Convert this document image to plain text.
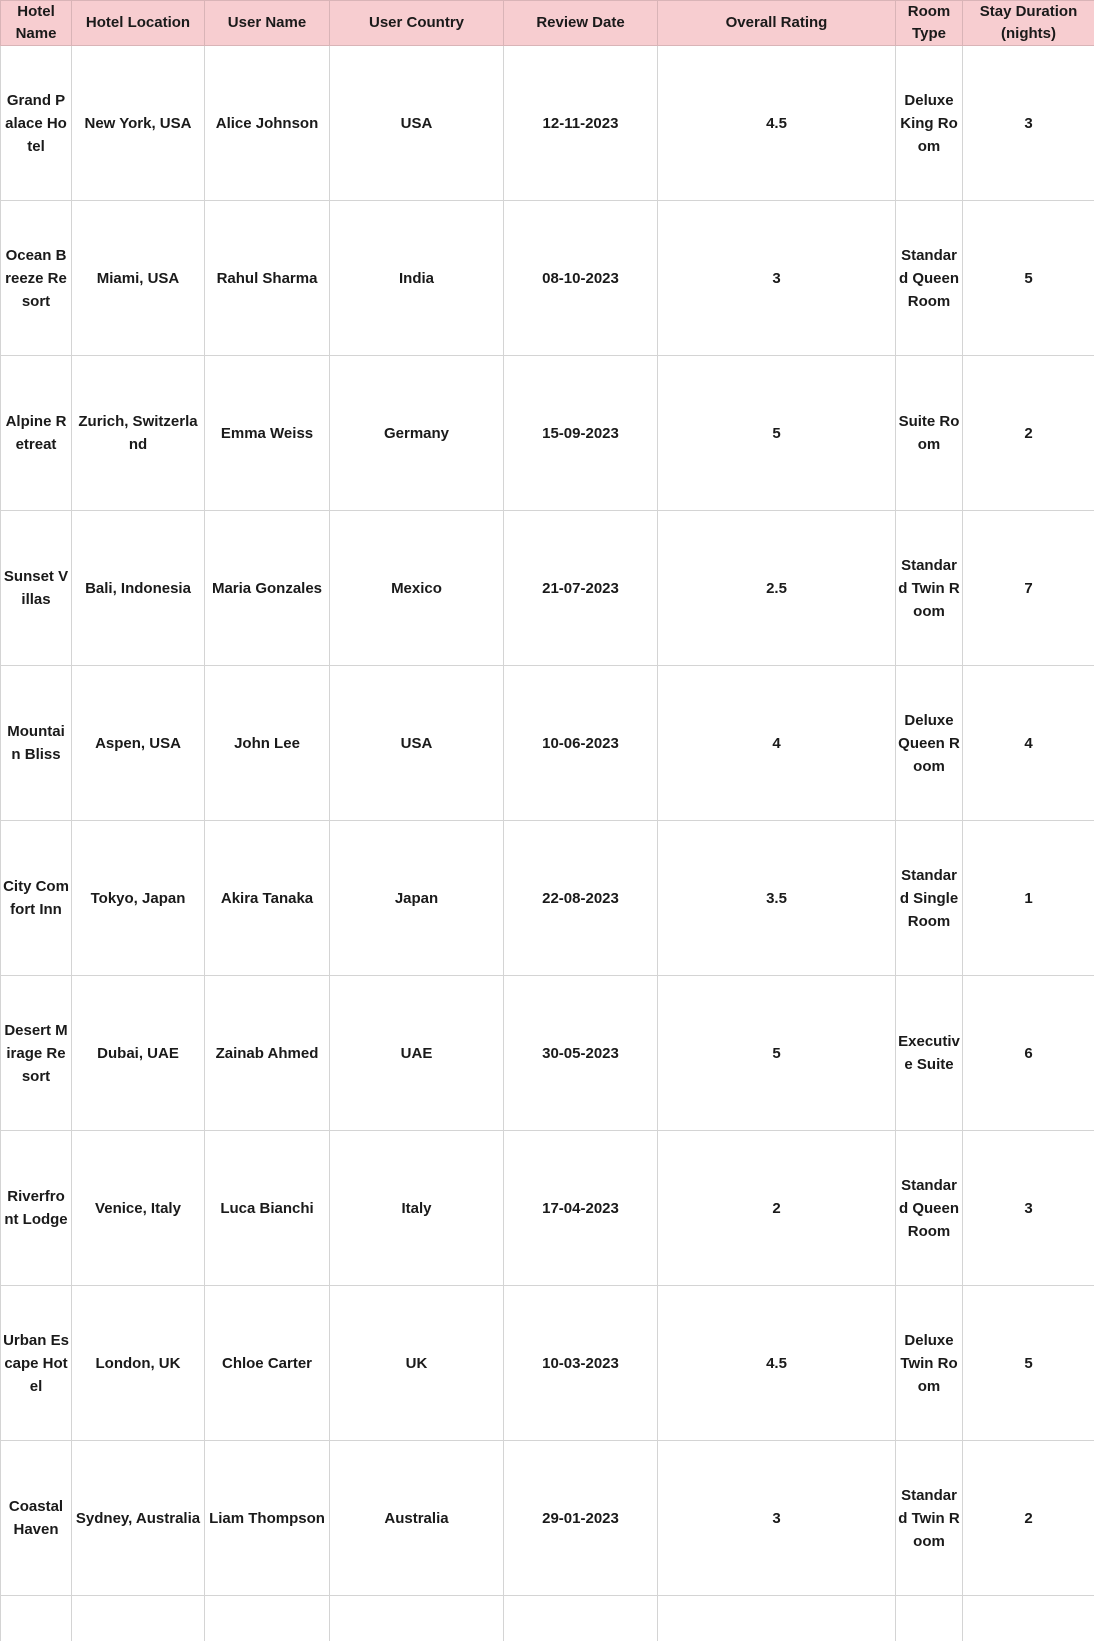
Hotel Name	Hotel Location	User Name	User Country	Review Date	Overall Rating	Room Type	Stay Duration (nights)
Grand Palace Hotel	New York, USA	Alice Johnson	USA	12-11-2023	4.5	Deluxe King Room	3
Ocean Breeze Resort	Miami, USA	Rahul Sharma	India	08-10-2023	3	Standard Queen Room	5
Alpine Retreat	Zurich, Switzerland	Emma Weiss	Germany	15-09-2023	5	Suite Room	2
Sunset Villas	Bali, Indonesia	Maria Gonzales	Mexico	21-07-2023	2.5	Standard Twin Room	7
Mountain Bliss	Aspen, USA	John Lee	USA	10-06-2023	4	Deluxe Queen Room	4
City Comfort Inn	Tokyo, Japan	Akira Tanaka	Japan	22-08-2023	3.5	Standard Single Room	1
Desert Mirage Resort	Dubai, UAE	Zainab Ahmed	UAE	30-05-2023	5	Executive Suite	6
Riverfront Lodge	Venice, Italy	Luca Bianchi	Italy	17-04-2023	2	Standard Queen Room	3
Urban Escape Hotel	London, UK	Chloe Carter	UK	10-03-2023	4.5	Deluxe Twin Room	5
Coastal Haven	Sydney, Australia	Liam Thompson	Australia	29-01-2023	3	Standard Twin Room	2
